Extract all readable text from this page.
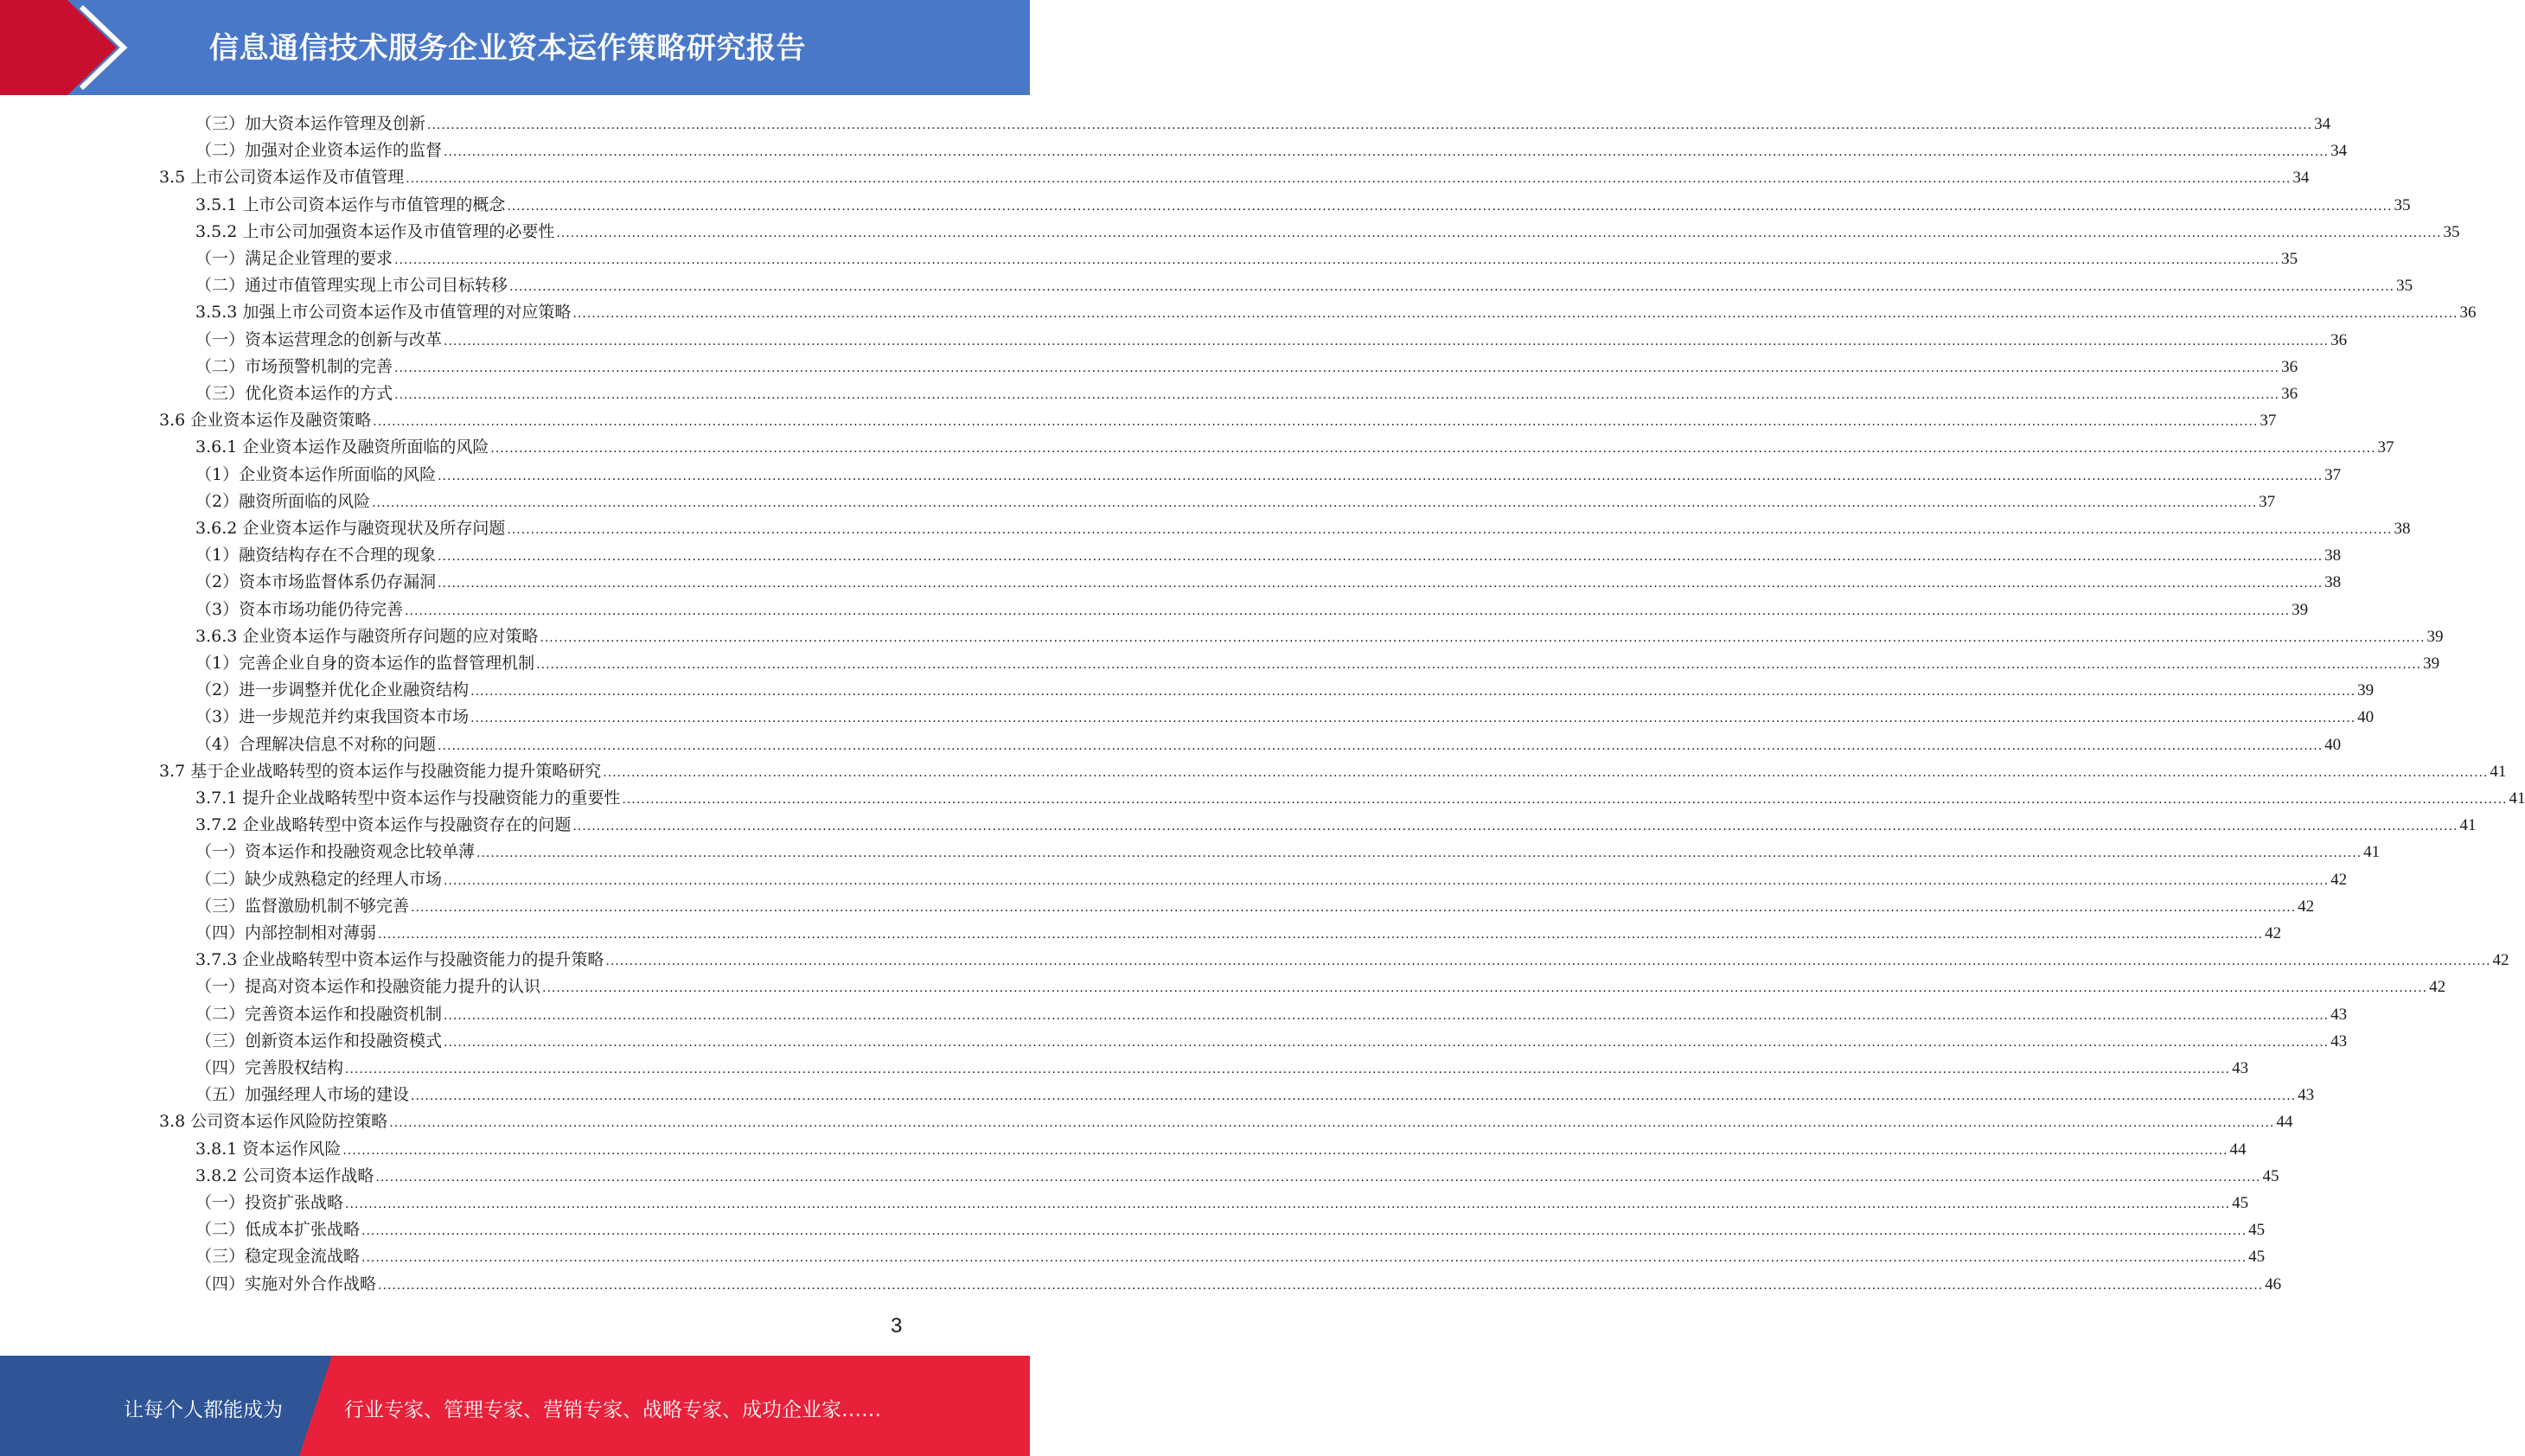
信息通信技术服务企业资本运作策略研究报告
（三）加大资本运作管理及创新 ................................................................................................................................................................................................................................................................................................................................................................................................................ 34
（二）加强对企业资本运作的监督 ................................................................................................................................................................................................................................................................................................................................................................................................................ 34
3.5 上市公司资本运作及市值管理 ................................................................................................................................................................................................................................................................................................................................................................................................................ 34
3.5.1 上市公司资本运作与市值管理的概念 ................................................................................................................................................................................................................................................................................................................................................................................................................ 35
3.5.2 上市公司加强资本运作及市值管理的必要性 ................................................................................................................................................................................................................................................................................................................................................................................................................ 35
（一）满足企业管理的要求 ................................................................................................................................................................................................................................................................................................................................................................................................................ 35
（二）通过市值管理实现上市公司目标转移 ................................................................................................................................................................................................................................................................................................................................................................................................................ 35
3.5.3 加强上市公司资本运作及市值管理的对应策略 ................................................................................................................................................................................................................................................................................................................................................................................................................ 36
（一）资本运营理念的创新与改革 ................................................................................................................................................................................................................................................................................................................................................................................................................ 36
（二）市场预警机制的完善 ................................................................................................................................................................................................................................................................................................................................................................................................................ 36
（三）优化资本运作的方式 ................................................................................................................................................................................................................................................................................................................................................................................................................ 36
3.6 企业资本运作及融资策略 ................................................................................................................................................................................................................................................................................................................................................................................................................ 37
3.6.1 企业资本运作及融资所面临的风险 ................................................................................................................................................................................................................................................................................................................................................................................................................ 37
（1）企业资本运作所面临的风险 ................................................................................................................................................................................................................................................................................................................................................................................................................ 37
（2）融资所面临的风险 ................................................................................................................................................................................................................................................................................................................................................................................................................ 37
3.6.2 企业资本运作与融资现状及所存问题 ................................................................................................................................................................................................................................................................................................................................................................................................................ 38
（1）融资结构存在不合理的现象 ................................................................................................................................................................................................................................................................................................................................................................................................................ 38
（2）资本市场监督体系仍存漏洞 ................................................................................................................................................................................................................................................................................................................................................................................................................ 38
（3）资本市场功能仍待完善 ................................................................................................................................................................................................................................................................................................................................................................................................................ 39
3.6.3 企业资本运作与融资所存问题的应对策略 ................................................................................................................................................................................................................................................................................................................................................................................................................ 39
（1）完善企业自身的资本运作的监督管理机制 ................................................................................................................................................................................................................................................................................................................................................................................................................ 39
（2）进一步调整并优化企业融资结构 ................................................................................................................................................................................................................................................................................................................................................................................................................ 39
（3）进一步规范并约束我国资本市场 ................................................................................................................................................................................................................................................................................................................................................................................................................ 40
（4）合理解决信息不对称的问题 ................................................................................................................................................................................................................................................................................................................................................................................................................ 40
3.7 基于企业战略转型的资本运作与投融资能力提升策略研究 ................................................................................................................................................................................................................................................................................................................................................................................................................ 41
3.7.1 提升企业战略转型中资本运作与投融资能力的重要性 ................................................................................................................................................................................................................................................................................................................................................................................................................ 41
3.7.2 企业战略转型中资本运作与投融资存在的问题 ................................................................................................................................................................................................................................................................................................................................................................................................................ 41
（一）资本运作和投融资观念比较单薄 ................................................................................................................................................................................................................................................................................................................................................................................................................ 41
（二）缺少成熟稳定的经理人市场 ................................................................................................................................................................................................................................................................................................................................................................................................................ 42
（三）监督激励机制不够完善 ................................................................................................................................................................................................................................................................................................................................................................................................................ 42
（四）内部控制相对薄弱 ................................................................................................................................................................................................................................................................................................................................................................................................................ 42
3.7.3 企业战略转型中资本运作与投融资能力的提升策略 ................................................................................................................................................................................................................................................................................................................................................................................................................ 42
（一）提高对资本运作和投融资能力提升的认识 ................................................................................................................................................................................................................................................................................................................................................................................................................ 42
（二）完善资本运作和投融资机制 ................................................................................................................................................................................................................................................................................................................................................................................................................ 43
（三）创新资本运作和投融资模式 ................................................................................................................................................................................................................................................................................................................................................................................................................ 43
（四）完善股权结构 ................................................................................................................................................................................................................................................................................................................................................................................................................ 43
（五）加强经理人市场的建设 ................................................................................................................................................................................................................................................................................................................................................................................................................ 43
3.8 公司资本运作风险防控策略 ................................................................................................................................................................................................................................................................................................................................................................................................................ 44
3.8.1 资本运作风险 ................................................................................................................................................................................................................................................................................................................................................................................................................ 44
3.8.2 公司资本运作战略 ................................................................................................................................................................................................................................................................................................................................................................................................................ 45
（一）投资扩张战略 ................................................................................................................................................................................................................................................................................................................................................................................................................ 45
（二）低成本扩张战略 ................................................................................................................................................................................................................................................................................................................................................................................................................ 45
（三）稳定现金流战略 ................................................................................................................................................................................................................................................................................................................................................................................................................ 45
（四）实施对外合作战略 ................................................................................................................................................................................................................................................................................................................................................................................................................ 46
3
让每个人都能成为	行业专家、管理专家、营销专家、战略专家、成功企业家……
